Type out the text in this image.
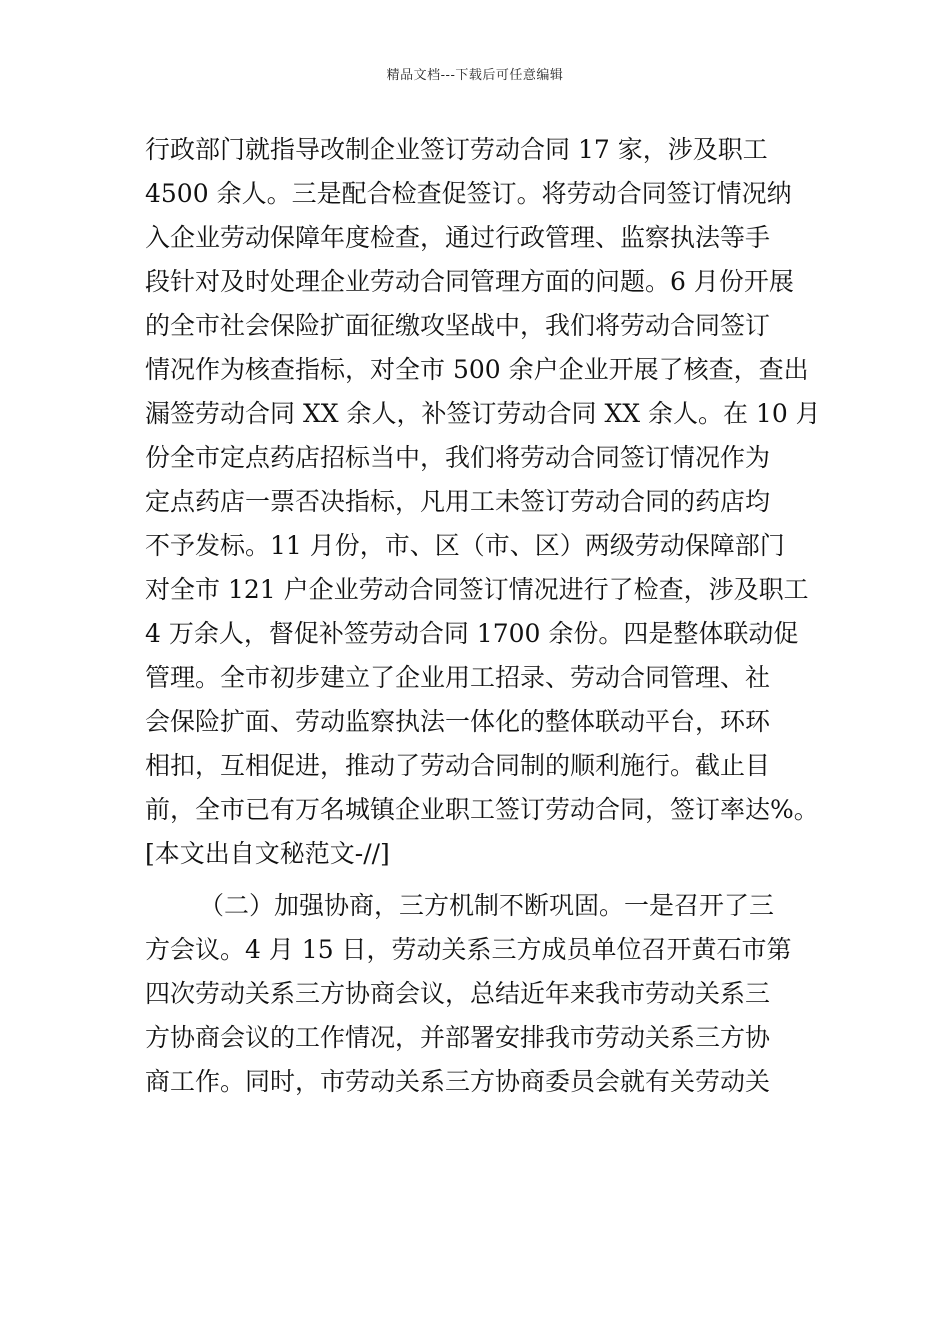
精品文档---下载后可任意编辑
行政部门就指导改制企业签订劳动合同 17 家，涉及职工
4500 余人。三是配合检查促签订。将劳动合同签订情况纳
入企业劳动保障年度检查，通过行政管理、监察执法等手
段针对及时处理企业劳动合同管理方面的问题。6 月份开展
的全市社会保险扩面征缴攻坚战中，我们将劳动合同签订
情况作为核查指标，对全市 500 余户企业开展了核查，查出
漏签劳动合同 XX 余人，补签订劳动合同 XX 余人。在 10 月
份全市定点药店招标当中，我们将劳动合同签订情况作为
定点药店一票否决指标，凡用工未签订劳动合同的药店均
不予发标。11 月份，市、区（市、区）两级劳动保障部门
对全市 121 户企业劳动合同签订情况进行了检查，涉及职工
4 万余人，督促补签劳动合同 1700 余份。四是整体联动促
管理。全市初步建立了企业用工招录、劳动合同管理、社
会保险扩面、劳动监察执法一体化的整体联动平台，环环
相扣，互相促进，推动了劳动合同制的顺利施行。截止目
前，全市已有万名城镇企业职工签订劳动合同，签订率达%。
[本文出自文秘范文-//]
（二）加强协商，三方机制不断巩固。一是召开了三
方会议。4 月 15 日，劳动关系三方成员单位召开黄石市第
四次劳动关系三方协商会议，总结近年来我市劳动关系三
方协商会议的工作情况，并部署安排我市劳动关系三方协
商工作。同时，市劳动关系三方协商委员会就有关劳动关
